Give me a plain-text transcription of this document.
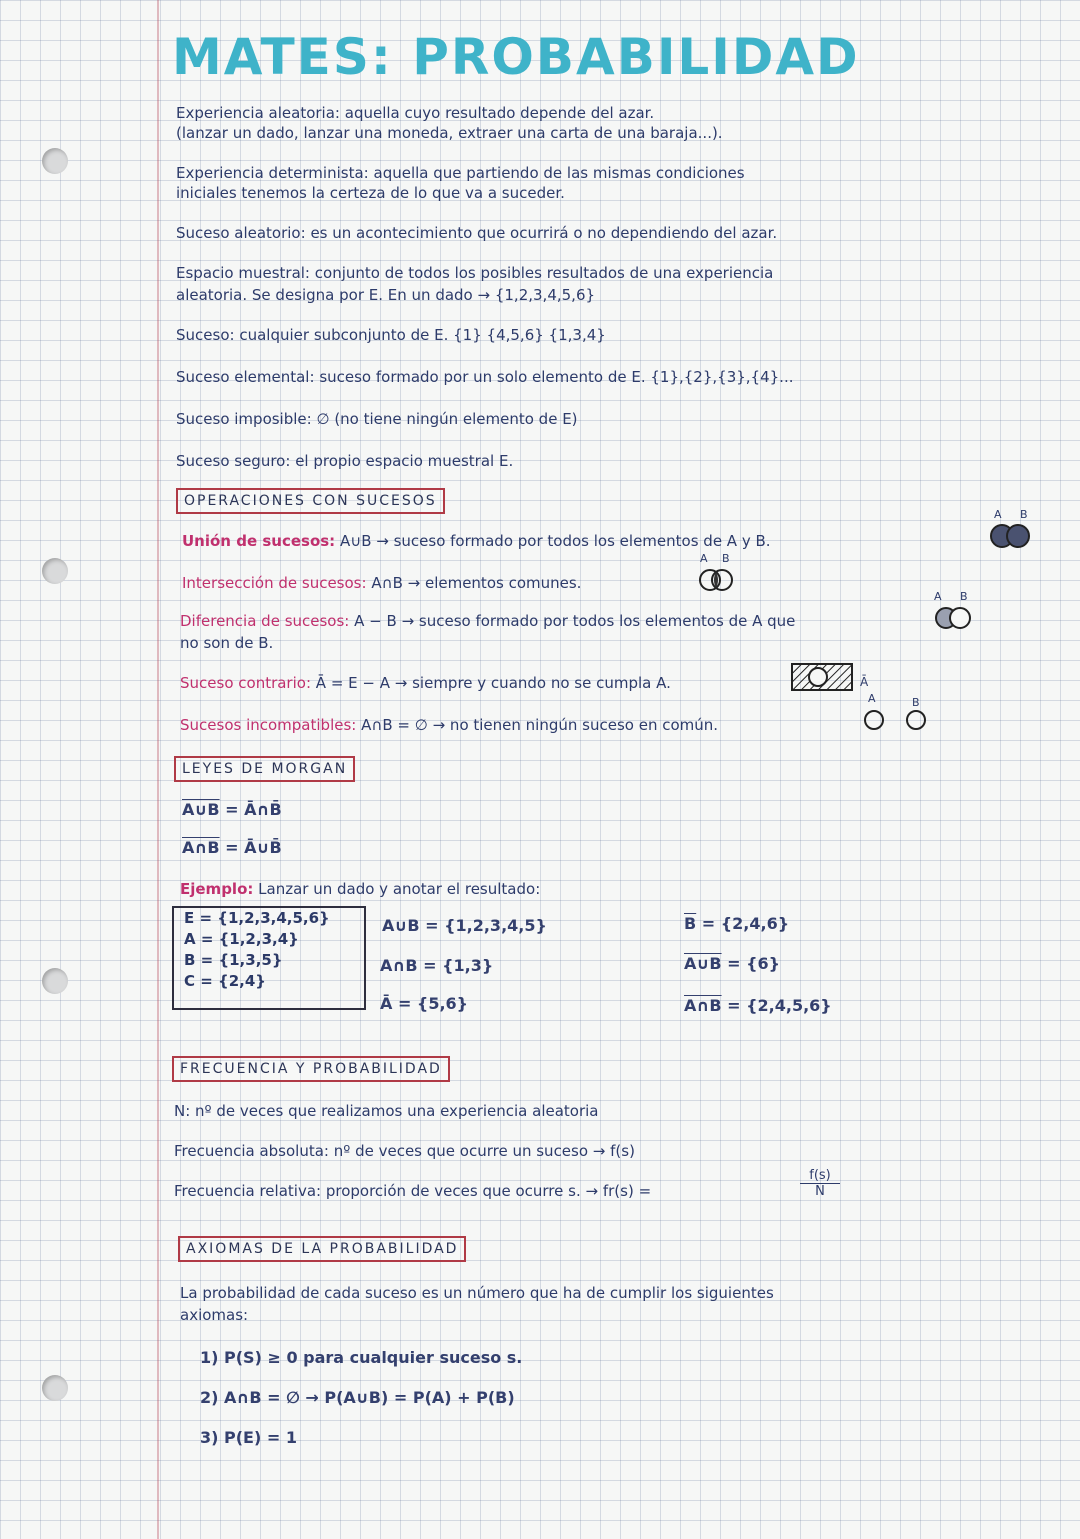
MATES: PROBABILIDAD
Experiencia aleatoria: aquella cuyo resultado depende del azar.
(lanzar un dado, lanzar una moneda, extraer una carta de una baraja...).
Experiencia determinista: aquella que partiendo de las mismas condiciones
iniciales tenemos la certeza de lo que va a suceder.
Suceso aleatorio: es un acontecimiento que ocurrirá o no dependiendo del azar.
Espacio muestral: conjunto de todos los posibles resultados de una experiencia
aleatoria. Se designa por E. En un dado → {1,2,3,4,5,6}
Suceso: cualquier subconjunto de E. {1} {4,5,6} {1,3,4}
Suceso elemental: suceso formado por un solo elemento de E. {1},{2},{3},{4}...
Suceso imposible: ∅ (no tiene ningún elemento de E)
Suceso seguro: el propio espacio muestral E.
OPERACIONES CON SUCESOS
Unión de sucesos: A∪B → suceso formado por todos los elementos de A y B.
Intersección de sucesos: A∩B → elementos comunes.
Diferencia de sucesos: A − B → suceso formado por todos los elementos de A que
no son de B.
Suceso contrario: Ā = E − A → siempre y cuando no se cumpla A.
Sucesos incompatibles: A∩B = ∅ → no tienen ningún suceso en común.
A B
A B
A B
Ā
A	B
LEYES DE MORGAN
A∪B = Ā∩B̄
A∩B = Ā∪B̄
Ejemplo: Lanzar un dado y anotar el resultado:
E = {1,2,3,4,5,6}
A = {1,2,3,4}
B = {1,3,5}
C = {2,4}
A∪B = {1,2,3,4,5}
A∩B = {1,3}
Ā = {5,6}
$\overline{B} = \{2,4,6\}$
A∪B = {6}
A∩B = {2,4,5,6}
FRECUENCIA Y PROBABILIDAD
N: nº de veces que realizamos una experiencia aleatoria
Frecuencia absoluta: nº de veces que ocurre un suceso → f(s)
Frecuencia relativa: proporción de veces que ocurre s. → fr(s) =
f(s)
N
AXIOMAS DE LA PROBABILIDAD
La probabilidad de cada suceso es un número que ha de cumplir los siguientes
axiomas:
1) P(S) ≥ 0 para cualquier suceso s.
2) A∩B = ∅ → P(A∪B) = P(A) + P(B)
3) P(E) = 1
